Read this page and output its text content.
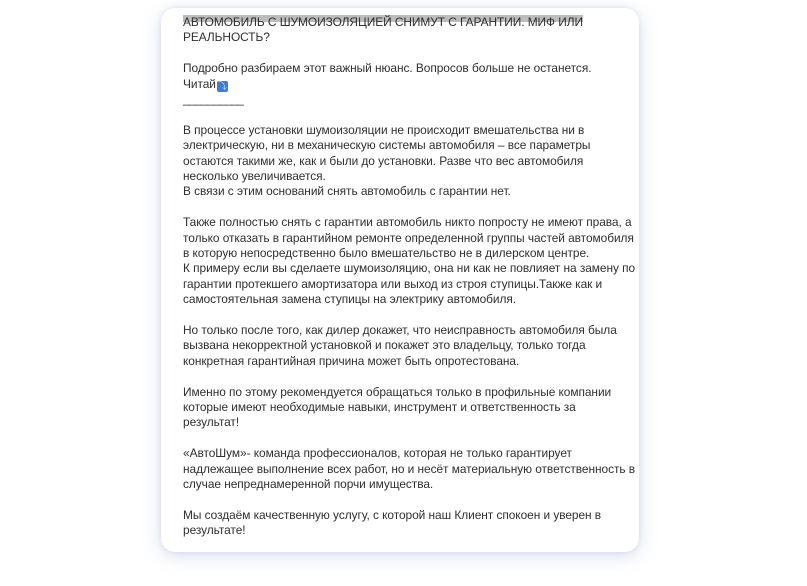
АВТОМОБИЛЬ С ШУМОИЗОЛЯЦИЕЙ СНИМУТ С ГАРАНТИИ. МИФ ИЛИ
РЕАЛЬНОСТЬ?
Подробно разбираем этот важный нюанс. Вопросов больше не останется.
Читай ⤵
__________
В процессе установки шумоизоляции не происходит вмешательства ни в
электрическую, ни в механическую системы автомобиля – все параметры
остаются такими же, как и были до установки. Разве что вес автомобиля
несколько увеличивается.
В связи с этим оснований снять автомобиль с гарантии нет.
Также полностью снять с гарантии автомобиль никто попросту не имеют права, а
только отказать в гарантийном ремонте определенной группы частей автомобиля
в которую непосредственно было вмешательство не в дилерском центре.
К примеру если вы сделаете шумоизоляцию, она ни как не повлияет на замену по
гарантии протекшего амортизатора или выход из строя ступицы.Также как и
самостоятельная замена ступицы на электрику автомобиля.
Но только после того, как дилер докажет, что неисправность автомобиля была
вызвана некорректной установкой и покажет это владельцу, только тогда
конкретная гарантийная причина может быть опротестована.
Именно по этому рекомендуется обращаться только в профильные компании
которые имеют необходимые навыки, инструмент и ответственность за
результат!
«АвтоШум»- команда профессионалов, которая не только гарантирует
надлежащее выполнение всех работ, но и несёт материальную ответственность в
случае непреднамеренной порчи имущества.
Мы создаём качественную услугу, с которой наш Клиент спокоен и уверен в
результате!
